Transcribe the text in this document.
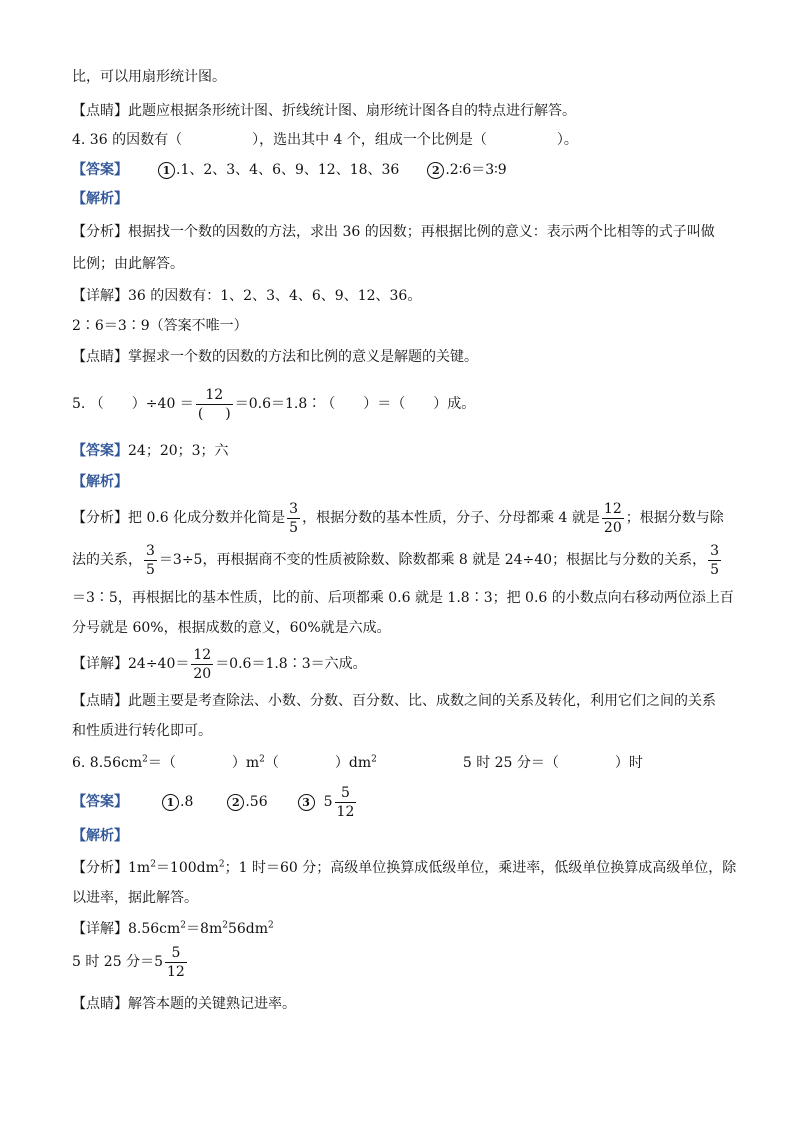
比，可以用扇形统计图。
【点睛】此题应根据条形统计图、折线统计图、扇形统计图各自的特点进行解答。
4. 36 的因数有（　　　　　），选出其中 4 个，组成一个比例是（　　　　　）。
【答案】	1 .1、2、3、4、6、9、12、18、36	2 .2∶6＝3∶9
【解析】
【分析】根据找一个数的因数的方法，求出 36 的因数；再根据比例的意义：表示两个比相等的式子叫做
比例；由此解答。
【详解】36 的因数有：1、2、3、4、6、9、12、36。
2∶6＝3∶9（答案不唯一）
【点睛】掌握求一个数的因数的方法和比例的意义是解题的关键。
5. （　　）$\div 40 = \frac{12}{( )}$ ＝0.6＝1.8∶（　　）＝（　　）成。
【答案】24；20；3；六
【解析】
【分析】把 0.6 化成分数并化简是 $\frac{3}{5}$ ，根据分数的基本性质，分子、分母都乘 4 就是 $\frac{12}{20}$ ；根据分数与除
法的关系， $\frac{3}{5} =3\div 5$，再根据商不变的性质被除数、除数都乘 8 就是 24÷40；根据比与分数的关系， $\frac{3}{5}$
＝3∶5，再根据比的基本性质，比的前、后项都乘 0.6 就是 1.8∶3；把 0.6 的小数点向右移动两位添上百
分号就是 60%，根据成数的意义，60%就是六成。
【详解】$24\div 40= \frac{12}{20}$ ＝0.6＝1.8∶3＝六成。
【点睛】此题主要是考查除法、小数、分数、百分数、比、成数之间的关系及转化，利用它们之间的关系
和性质进行转化即可。
6. $8.56cm^2=$（　　　　）$m^2$（　　　　）$dm^2$	5 时 25 分＝（　　　　）时
【答案】	1 .8	2 .56	3 $5 \frac{5}{12}$
【解析】
【分析】$1m^2=100dm^2$；1 时＝60 分；高级单位换算成低级单位，乘进率，低级单位换算成高级单位，除
以进率，据此解答。
【详解】$8.56cm^2=8m^256dm^2$
5 时 25 分$=5 \frac{5}{12}$
【点睛】解答本题的关键熟记进率。
